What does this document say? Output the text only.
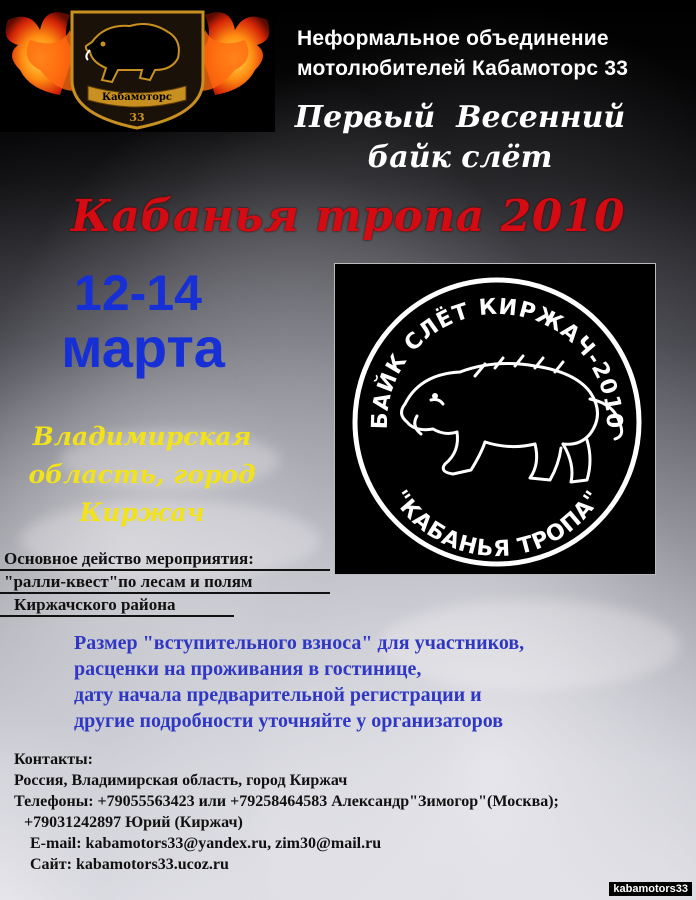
Кабамоторс
33
Неформальное объединение
мотолюбителей Кабамоторс 33
Первый  Весенний
байк слёт
Кабанья тропа 2010
12-14
марта
Владимирская
область, город
Киржач
БАЙК СЛЁТ КИРЖАЧ-2010
"КАБАНЬЯ ТРОПА"
Основное действо мероприятия:
"ралли-квест"по лесам и полям
Киржачского района
Размер "вступительного взноса" для участников,
расценки на проживания в гостинице,
дату начала предварительной регистрации и
другие подробности уточняйте у организаторов
Контакты:
Россия, Владимирская область, город Киржач
Телефоны: +79055563423 или +79258464583 Александр"Зимогор"(Москва);
+79031242897 Юрий (Киржач)
E-mail: kabamotors33@yandex.ru, zim30@mail.ru
Сайт: kabamotors33.ucoz.ru
kabamotors33
